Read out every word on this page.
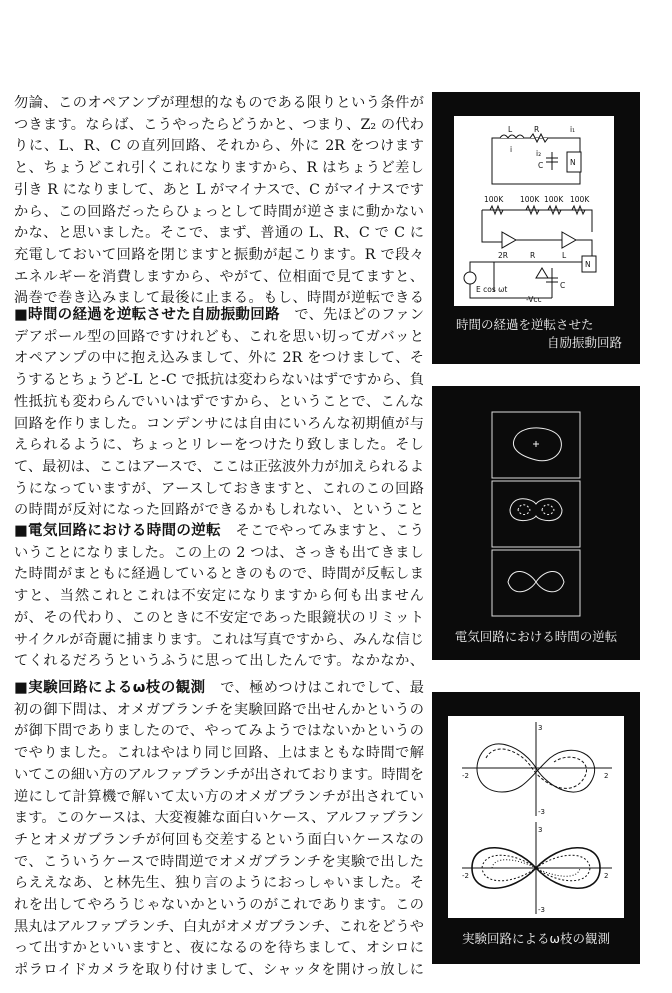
勿論、このオペアンプが理想的なものである限りという条件がつきます。ならば、こうやったらどうかと、つまり、Z₂ の代わりに、L、R、C の直列回路、それから、外に 2R をつけますと、ちょうどこれ引くこれになりますから、R はちょうど差し引き R になりまして、あと L がマイナスで、C がマイナスですから、この回路だったらひょっとして時間が逆さまに動かないかな、と思いました。そこで、まず、普通の L、R、C で C に充電しておいて回路を閉じますと振動が起こります。R で段々エネルギーを消費しますから、やがて、位相面で見てますと、渦巻で巻き込みまして最後に止まる。もし、時間が逆転できる

■時間の経過を逆転させた自励振動回路　 で、先ほどのファンデアポール型の回路ですけれども、これを思い切ってガバッとオペアンプの中に抱え込みまして、外に 2R をつけまして、そうするとちょうど-L と-C で抵抗は変わらないはずですから、負性抵抗も変わらんでいいはずですから、ということで、こんな回路を作りました。コンデンサには自由にいろんな初期値が与えられるように、ちょっとリレーをつけたり致しました。そして、最初は、ここはアースで、ここは正弦波外力が加えられるようになっていますが、アースしておきますと、これのこの回路の時間が反対になった回路ができるかもしれない、ということ

■電気回路における時間の逆転　 そこでやってみますと、こういうことになりました。この上の 2 つは、さっきも出てきました時間がまともに経過しているときのもので、時間が反転しますと、当然これとこれは不安定になりますから何も出ませんが、その代わり、このときに不安定であった眼鏡状のリミットサイクルが奇麗に捕まります。これは写真ですから、みんな信じてくれるだろうというふうに思って出したんです。なかなか、

■実験回路によるω枝の観測　 で、極めつけはこれでして、最初の御下問は、オメガブランチを実験回路で出せんかというのが御下問でありましたので、やってみようではないかというのでやりました。これはやはり同じ回路、上はまともな時間で解いてこの細い方のアルファブランチが出されております。時間を逆にして計算機で解いて太い方のオメガブランチが出されています。このケースは、大変複雑な面白いケース、アルファブランチとオメガブランチが何回も交差するという面白いケースなので、こういうケースで時間逆でオメガブランチを実験で出したらええなあ、と林先生、独り言のようにおっしゃいました。それを出してやろうじゃないかというのがこれであります。この黒丸はアルファブランチ、白丸がオメガブランチ、これをどうやって出すかといいますと、夜になるのを待ちまして、オシロにポラロイドカメラを取り付けまして、シャッタを開けっ放しに

L	R	i₁
i₂
i
C	N
100K 100K 100K 100K
2R	R	L
C
N
E cos ωt
-Vcc
時間の経過を逆転させた
自励振動回路
電気回路における時間の逆転
3
-3
-2	2
3
-3
-2	2
実験回路によるω枝の観測
